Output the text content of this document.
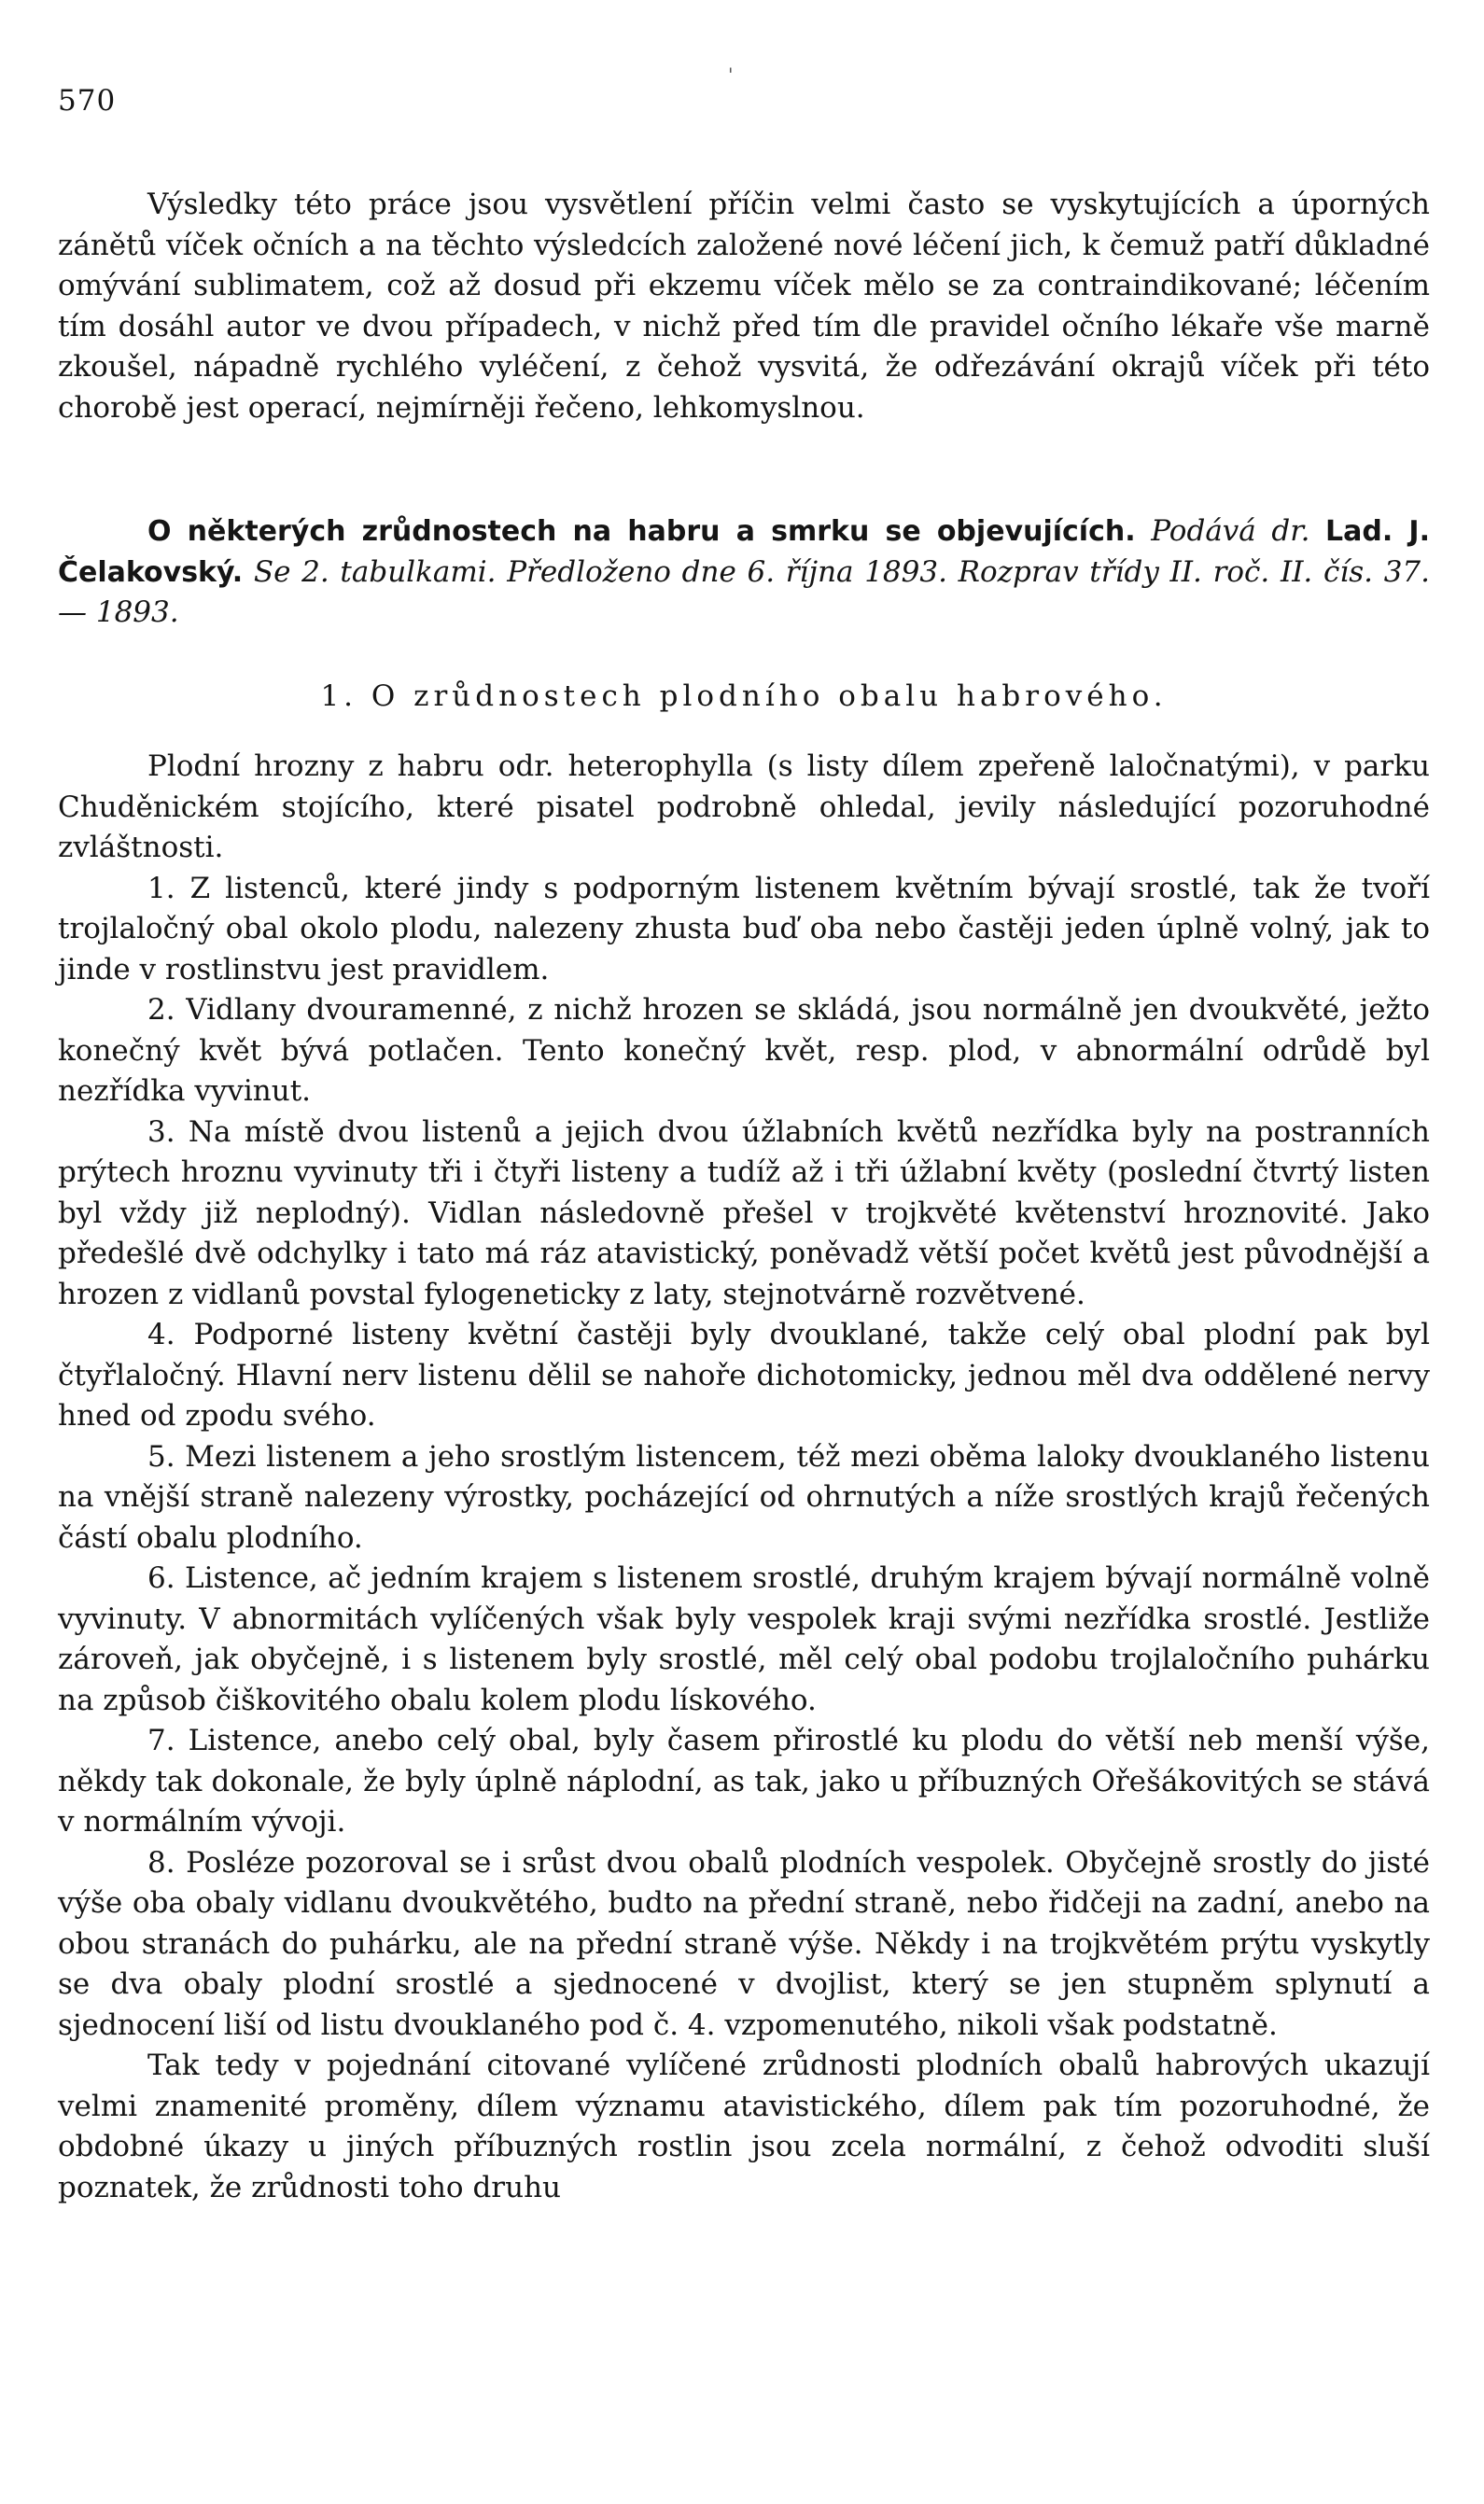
570
'

Výsledky této práce jsou vysvětlení příčin velmi často se vyskytujících a úporných zánětů víček očních a na těchto výsledcích založené nové léčení jich, k čemuž patří důkladné omývání sublimatem, což až dosud při ekzemu víček mělo se za contraindikované; léčením tím dosáhl autor ve dvou případech, v nichž před tím dle pravidel očního lékaře vše marně zkoušel, nápadně rychlého vyléčení, z čehož vysvitá, že odřezávání okrajů víček při této chorobě jest operací, nejmírněji řečeno, lehkomyslnou.

O některých zrůdnostech na habru a smrku se objevujících. Podává dr. Lad. J. Čelakovský. Se 2. tabulkami. Předloženo dne 6. října 1893. Rozprav třídy II. roč. II. čís. 37. — 1893.

1. O zrůdnostech plodního obalu habrového.

Plodní hrozny z habru odr. heterophylla (s listy dílem zpeřeně laločnatými), v parku Chuděnickém stojícího, které pisatel podrobně ohledal, jevily následující pozoruhodné zvláštnosti.

1. Z listenců, které jindy s podporným listenem květním bývají srostlé, tak že tvoří trojlaločný obal okolo plodu, nalezeny zhusta buď oba nebo častěji jeden úplně volný, jak to jinde v rostlinstvu jest pravidlem.

2. Vidlany dvouramenné, z nichž hrozen se skládá, jsou normálně jen dvoukvěté, ježto konečný květ bývá potlačen. Tento konečný květ, resp. plod, v abnormální odrůdě byl nezřídka vyvinut.

3. Na místě dvou listenů a jejich dvou úžlabních květů nezřídka byly na postranních prýtech hroznu vyvinuty tři i čtyři listeny a tudíž až i tři úžlabní květy (poslední čtvrtý listen byl vždy již neplodný). Vidlan následovně přešel v trojkvěté květenství hroznovité. Jako předešlé dvě odchylky i tato má ráz atavistický, poněvadž větší počet květů jest původnější a hrozen z vidlanů povstal fylogeneticky z laty, stejnotvárně rozvětvené.

4. Podporné listeny květní častěji byly dvouklané, takže celý obal plodní pak byl čtyřlaločný. Hlavní nerv listenu dělil se nahoře dichotomicky, jednou měl dva oddělené nervy hned od zpodu svého.

5. Mezi listenem a jeho srostlým listencem, též mezi oběma laloky dvouklaného listenu na vnější straně nalezeny výrostky, pocházející od ohrnutých a níže srostlých krajů řečených částí obalu plodního.

6. Listence, ač jedním krajem s listenem srostlé, druhým krajem bývají normálně volně vyvinuty. V abnormitách vylíčených však byly vespolek kraji svými nezřídka srostlé. Jestliže zároveň, jak obyčejně, i s listenem byly srostlé, měl celý obal podobu trojlaločního puhárku na způsob čiškovitého obalu kolem plodu lískového.

7. Listence, anebo celý obal, byly časem přirostlé ku plodu do větší neb menší výše, někdy tak dokonale, že byly úplně náplodní, as tak, jako u příbuzných Ořešákovitých se stává v normálním vývoji.

8. Posléze pozoroval se i srůst dvou obalů plodních vespolek. Obyčejně srostly do jisté výše oba obaly vidlanu dvoukvětého, budto na přední straně, nebo řidčeji na zadní, anebo na obou stranách do puhárku, ale na přední straně výše. Někdy i na trojkvětém prýtu vyskytly se dva obaly plodní srostlé a sjednocené v dvojlist, který se jen stupněm splynutí a sjednocení liší od listu dvouklaného pod č. 4. vzpomenutého, nikoli však podstatně.

Tak tedy v pojednání citované vylíčené zrůdnosti plodních obalů habrových ukazují velmi znamenité proměny, dílem významu atavistického, dílem pak tím pozoruhodné, že obdobné úkazy u jiných příbuzných rostlin jsou zcela normální, z čehož odvoditi sluší poznatek, že zrůdnosti toho druhu
